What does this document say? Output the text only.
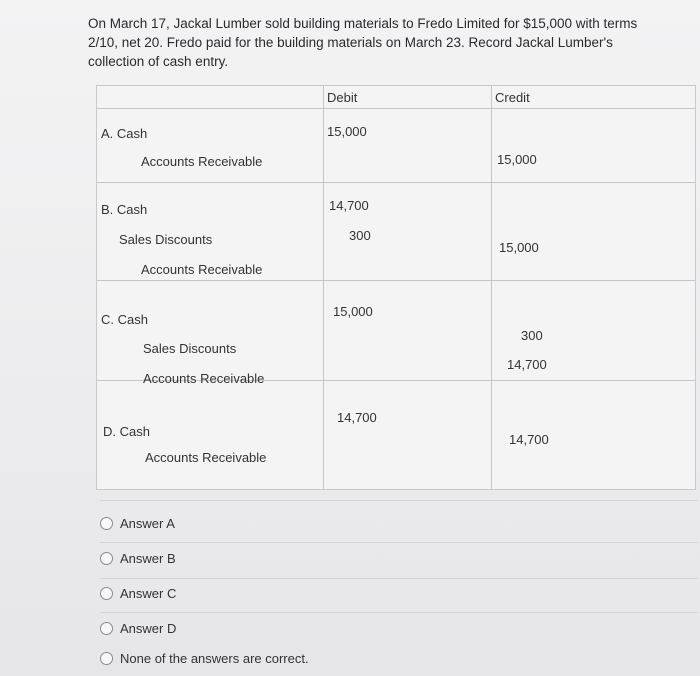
On March 17, Jackal Lumber sold building materials to Fredo Limited for $15,000 with terms 2/10, net 20. Fredo paid for the building materials on March 23. Record Jackal Lumber's collection of cash entry.
Debit	Credit
A. Cash
Accounts Receivable
15,000
15,000
B. Cash
Sales Discounts
Accounts Receivable
14,700
300
15,000
C. Cash
Sales Discounts
Accounts Receivable
15,000
300
14,700
D. Cash
Accounts Receivable
14,700
14,700
Answer A
Answer B
Answer C
Answer D
None of the answers are correct.
